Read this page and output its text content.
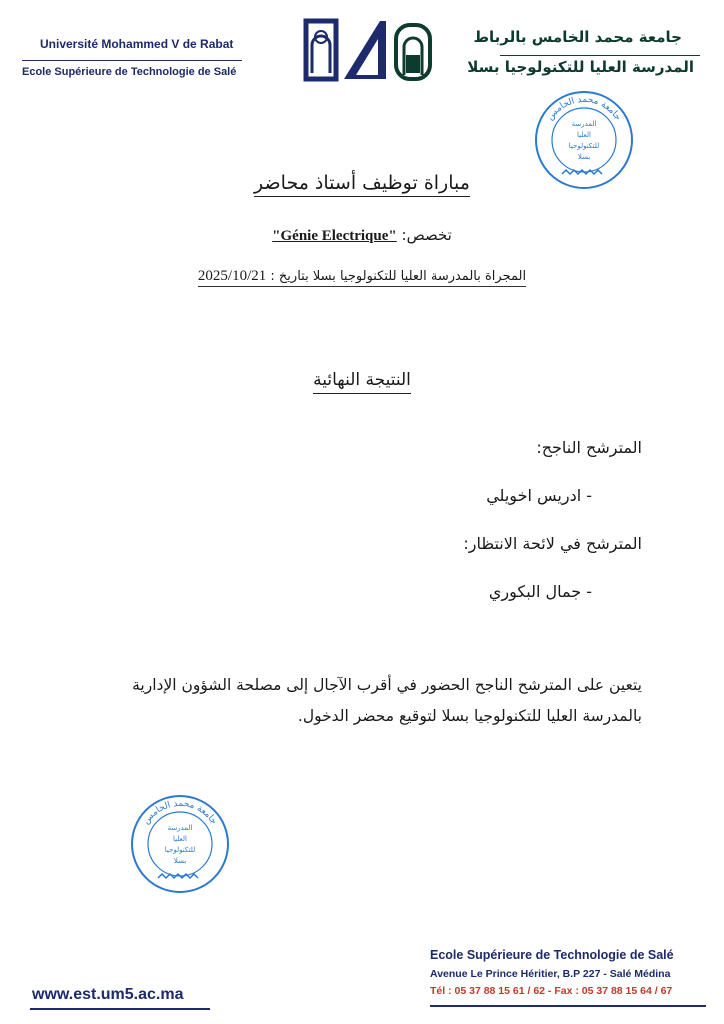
Université Mohammed V de Rabat
Ecole Supérieure de Technologie de Salé
جامعة محمد الخامس بالرباط
المدرسة العليا للتكنولوجيا بسلا
جامعة محمد الخامس
المدرسة
العليا
للتكنولوجيا
بسلا
مباراة توظيف أستاذ محاضر
"Génie Electrique" تخصص:
المجراة بالمدرسة العليا للتكنولوجيا بسلا بتاريخ : 2025/10/21
النتيجة النهائية
المترشح الناجح:
- ادريس اخويلي
المترشح في لائحة الانتظار:
- جمال البكوري
يتعين على المترشح الناجح الحضور في أقرب الآجال إلى مصلحة الشؤون الإدارية
بالمدرسة العليا للتكنولوجيا بسلا لتوقيع محضر الدخول.
جامعة محمد الخامس
المدرسة
العليا
للتكنولوجيا
بسلا
www.est.um5.ac.ma
Ecole Supérieure de Technologie de Salé
Avenue Le Prince Héritier, B.P 227 - Salé Médina
Tél : 05 37 88 15 61 / 62 - Fax : 05 37 88 15 64 / 67
